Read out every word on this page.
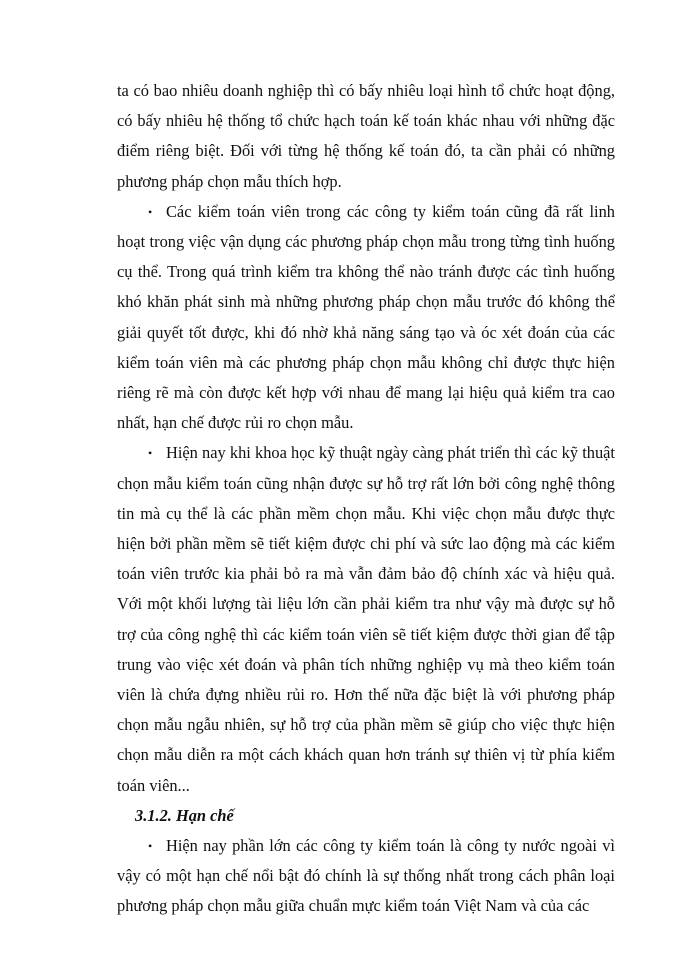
ta có bao nhiêu doanh nghiệp thì có bấy nhiêu loại hình tổ chức hoạt động, có bấy nhiêu hệ thống tổ chức hạch toán kế toán khác nhau với những đặc điểm riêng biệt. Đối với từng hệ thống kế toán đó, ta cần phải có những phương pháp chọn mẫu thích hợp.

• Các kiểm toán viên trong các công ty kiểm toán cũng đã rất linh hoạt trong việc vận dụng các phương pháp chọn mẫu trong từng tình huống cụ thể. Trong quá trình kiểm tra không thể nào tránh được các tình huống khó khăn phát sinh mà những phương pháp chọn mẫu trước đó không thể giải quyết tốt được, khi đó nhờ khả năng sáng tạo và óc xét đoán của các kiểm toán viên mà các phương pháp chọn mẫu không chỉ được thực hiện riêng rẽ mà còn được kết hợp với nhau để mang lại hiệu quả kiểm tra cao nhất, hạn chế được rủi ro chọn mẫu.

• Hiện nay khi khoa học kỹ thuật ngày càng phát triển thì các kỹ thuật chọn mẫu kiểm toán cũng nhận được sự hỗ trợ rất lớn bởi công nghệ thông tin mà cụ thể là các phần mềm chọn mẫu. Khi việc chọn mẫu được thực hiện bởi phần mềm sẽ tiết kiệm được chi phí và sức lao động mà các kiểm toán viên trước kia phải bỏ ra mà vẫn đảm bảo độ chính xác và hiệu quả. Với một khối lượng tài liệu lớn cần phải kiểm tra như vậy mà được sự hỗ trợ của công nghệ thì các kiểm toán viên sẽ tiết kiệm được thời gian để tập trung vào việc xét đoán và phân tích những nghiệp vụ mà theo kiểm toán viên là chứa đựng nhiều rủi ro. Hơn thế nữa đặc biệt là với phương pháp chọn mẫu ngẫu nhiên, sự hỗ trợ của phần mềm sẽ giúp cho việc thực hiện chọn mẫu diễn ra một cách khách quan hơn tránh sự thiên vị từ phía kiểm toán viên...

3.1.2. Hạn chế

• Hiện nay phần lớn các công ty kiểm toán là công ty nước ngoài vì vậy có một hạn chế nổi bật đó chính là sự thống nhất trong cách phân loại phương pháp chọn mẫu giữa chuẩn mực kiểm toán Việt Nam và của các
